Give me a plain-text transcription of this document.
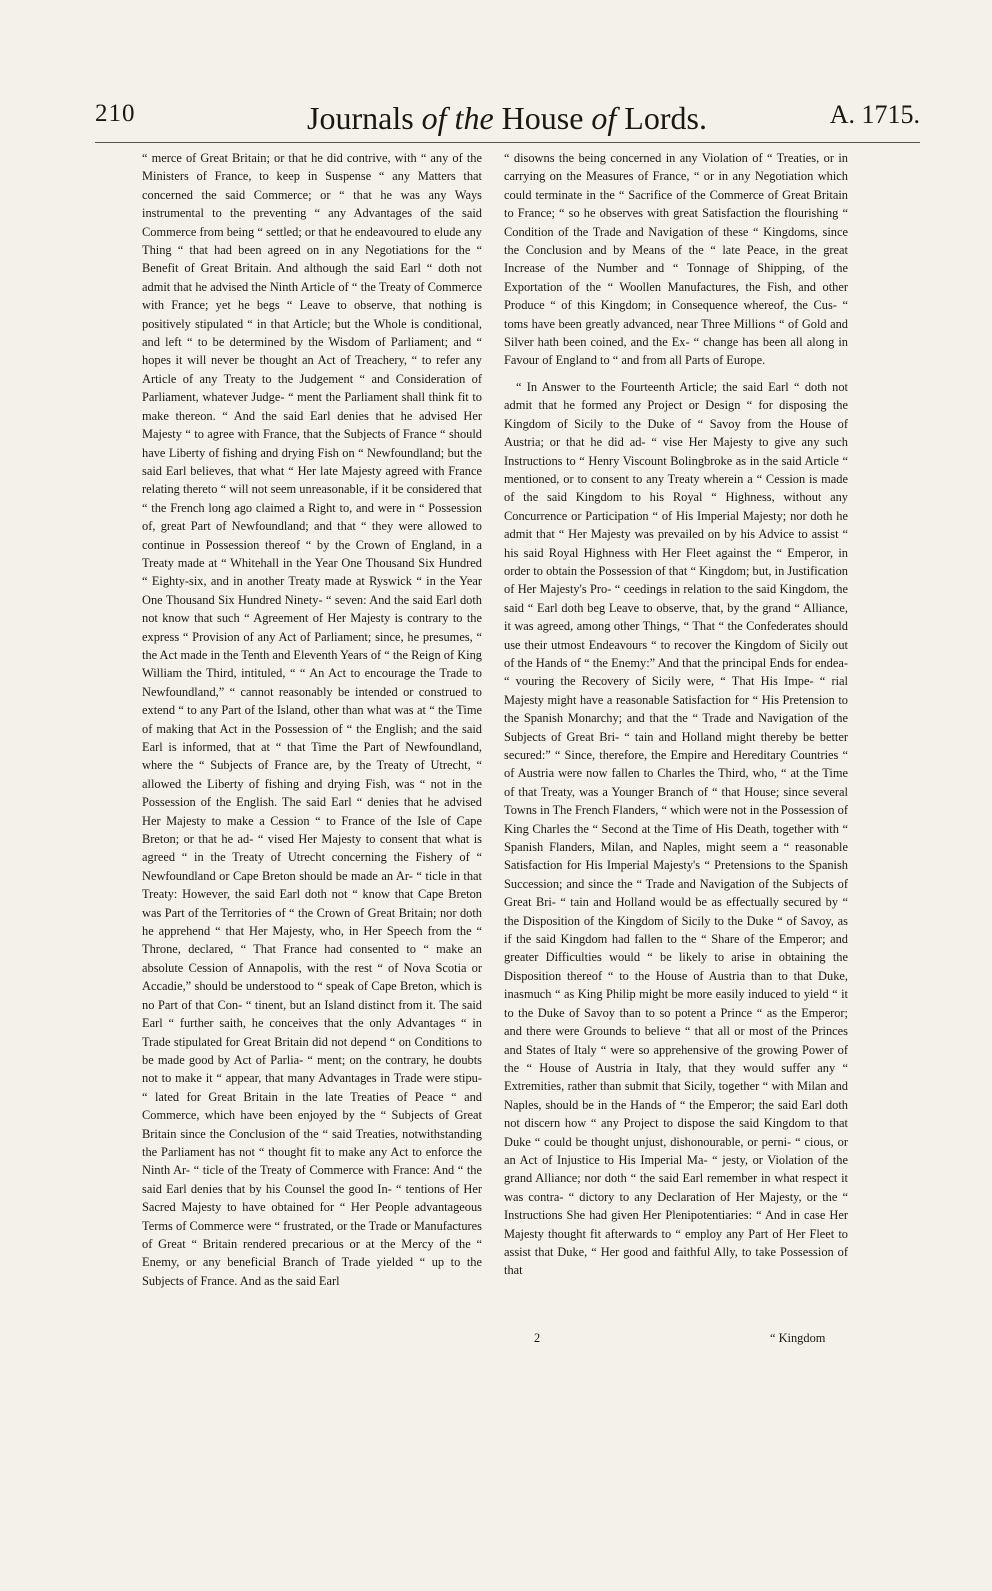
210	Journals of the House of Lords.	A. 1715.

“ merce of Great Britain; or that he did contrive, with “ any of the Ministers of France, to keep in Suspense “ any Matters that concerned the said Commerce; or “ that he was any Ways instrumental to the preventing “ any Advantages of the said Commerce from being “ settled; or that he endeavoured to elude any Thing “ that had been agreed on in any Negotiations for the “ Benefit of Great Britain. And although the said Earl “ doth not admit that he advised the Ninth Article of “ the Treaty of Commerce with France; yet he begs “ Leave to observe, that nothing is positively stipulated “ in that Article; but the Whole is conditional, and left “ to be determined by the Wisdom of Parliament; and “ hopes it will never be thought an Act of Treachery, “ to refer any Article of any Treaty to the Judgement “ and Consideration of Parliament, whatever Judge- “ ment the Parliament shall think fit to make thereon. “ And the said Earl denies that he advised Her Majesty “ to agree with France, that the Subjects of France “ should have Liberty of fishing and drying Fish on “ Newfoundland; but the said Earl believes, that what “ Her late Majesty agreed with France relating thereto “ will not seem unreasonable, if it be considered that “ the French long ago claimed a Right to, and were in “ Possession of, great Part of Newfoundland; and that “ they were allowed to continue in Possession thereof “ by the Crown of England, in a Treaty made at “ Whitehall in the Year One Thousand Six Hundred “ Eighty-six, and in another Treaty made at Ryswick “ in the Year One Thousand Six Hundred Ninety- “ seven: And the said Earl doth not know that such “ Agreement of Her Majesty is contrary to the express “ Provision of any Act of Parliament; since, he presumes, “ the Act made in the Tenth and Eleventh Years of “ the Reign of King William the Third, intituled, “ “ An Act to encourage the Trade to Newfoundland,” “ cannot reasonably be intended or construed to extend “ to any Part of the Island, other than what was at “ the Time of making that Act in the Possession of “ the English; and the said Earl is informed, that at “ that Time the Part of Newfoundland, where the “ Subjects of France are, by the Treaty of Utrecht, “ allowed the Liberty of fishing and drying Fish, was “ not in the Possession of the English. The said Earl “ denies that he advised Her Majesty to make a Cession “ to France of the Isle of Cape Breton; or that he ad- “ vised Her Majesty to consent that what is agreed “ in the Treaty of Utrecht concerning the Fishery of “ Newfoundland or Cape Breton should be made an Ar- “ ticle in that Treaty: However, the said Earl doth not “ know that Cape Breton was Part of the Territories of “ the Crown of Great Britain; nor doth he apprehend “ that Her Majesty, who, in Her Speech from the “ Throne, declared, “ That France had consented to “ make an absolute Cession of Annapolis, with the rest “ of Nova Scotia or Accadie,” should be understood to “ speak of Cape Breton, which is no Part of that Con- “ tinent, but an Island distinct from it. The said Earl “ further saith, he conceives that the only Advantages “ in Trade stipulated for Great Britain did not depend “ on Conditions to be made good by Act of Parlia- “ ment; on the contrary, he doubts not to make it “ appear, that many Advantages in Trade were stipu- “ lated for Great Britain in the late Treaties of Peace “ and Commerce, which have been enjoyed by the “ Subjects of Great Britain since the Conclusion of the “ said Treaties, notwithstanding the Parliament has not “ thought fit to make any Act to enforce the Ninth Ar- “ ticle of the Treaty of Commerce with France: And “ the said Earl denies that by his Counsel the good In- “ tentions of Her Sacred Majesty to have obtained for “ Her People advantageous Terms of Commerce were “ frustrated, or the Trade or Manufactures of Great “ Britain rendered precarious or at the Mercy of the “ Enemy, or any beneficial Branch of Trade yielded “ up to the Subjects of France. And as the said Earl

“ disowns the being concerned in any Violation of “ Treaties, or in carrying on the Measures of France, “ or in any Negotiation which could terminate in the “ Sacrifice of the Commerce of Great Britain to France; “ so he observes with great Satisfaction the flourishing “ Condition of the Trade and Navigation of these “ Kingdoms, since the Conclusion and by Means of the “ late Peace, in the great Increase of the Number and “ Tonnage of Shipping, of the Exportation of the “ Woollen Manufactures, the Fish, and other Produce “ of this Kingdom; in Consequence whereof, the Cus- “ toms have been greatly advanced, near Three Millions “ of Gold and Silver hath been coined, and the Ex- “ change has been all along in Favour of England to “ and from all Parts of Europe.

“ In Answer to the Fourteenth Article; the said Earl “ doth not admit that he formed any Project or Design “ for disposing the Kingdom of Sicily to the Duke of “ Savoy from the House of Austria; or that he did ad- “ vise Her Majesty to give any such Instructions to “ Henry Viscount Bolingbroke as in the said Article “ mentioned, or to consent to any Treaty wherein a “ Cession is made of the said Kingdom to his Royal “ Highness, without any Concurrence or Participation “ of His Imperial Majesty; nor doth he admit that “ Her Majesty was prevailed on by his Advice to assist “ his said Royal Highness with Her Fleet against the “ Emperor, in order to obtain the Possession of that “ Kingdom; but, in Justification of Her Majesty's Pro- “ ceedings in relation to the said Kingdom, the said “ Earl doth beg Leave to observe, that, by the grand “ Alliance, it was agreed, among other Things, “ That “ the Confederates should use their utmost Endeavours “ to recover the Kingdom of Sicily out of the Hands of “ the Enemy:” And that the principal Ends for endea- “ vouring the Recovery of Sicily were, “ That His Impe- “ rial Majesty might have a reasonable Satisfaction for “ His Pretension to the Spanish Monarchy; and that the “ Trade and Navigation of the Subjects of Great Bri- “ tain and Holland might thereby be better secured:” “ Since, therefore, the Empire and Hereditary Countries “ of Austria were now fallen to Charles the Third, who, “ at the Time of that Treaty, was a Younger Branch of “ that House; since several Towns in The French Flanders, “ which were not in the Possession of King Charles the “ Second at the Time of His Death, together with “ Spanish Flanders, Milan, and Naples, might seem a “ reasonable Satisfaction for His Imperial Majesty's “ Pretensions to the Spanish Succession; and since the “ Trade and Navigation of the Subjects of Great Bri- “ tain and Holland would be as effectually secured by “ the Disposition of the Kingdom of Sicily to the Duke “ of Savoy, as if the said Kingdom had fallen to the “ Share of the Emperor; and greater Difficulties would “ be likely to arise in obtaining the Disposition thereof “ to the House of Austria than to that Duke, inasmuch “ as King Philip might be more easily induced to yield “ it to the Duke of Savoy than to so potent a Prince “ as the Emperor; and there were Grounds to believe “ that all or most of the Princes and States of Italy “ were so apprehensive of the growing Power of the “ House of Austria in Italy, that they would suffer any “ Extremities, rather than submit that Sicily, together “ with Milan and Naples, should be in the Hands of “ the Emperor; the said Earl doth not discern how “ any Project to dispose the said Kingdom to that Duke “ could be thought unjust, dishonourable, or perni- “ cious, or an Act of Injustice to His Imperial Ma- “ jesty, or Violation of the grand Alliance; nor doth “ the said Earl remember in what respect it was contra- “ dictory to any Declaration of Her Majesty, or the “ Instructions She had given Her Plenipotentiaries: “ And in case Her Majesty thought fit afterwards to “ employ any Part of Her Fleet to assist that Duke, “ Her good and faithful Ally, to take Possession of that

2	“ Kingdom
